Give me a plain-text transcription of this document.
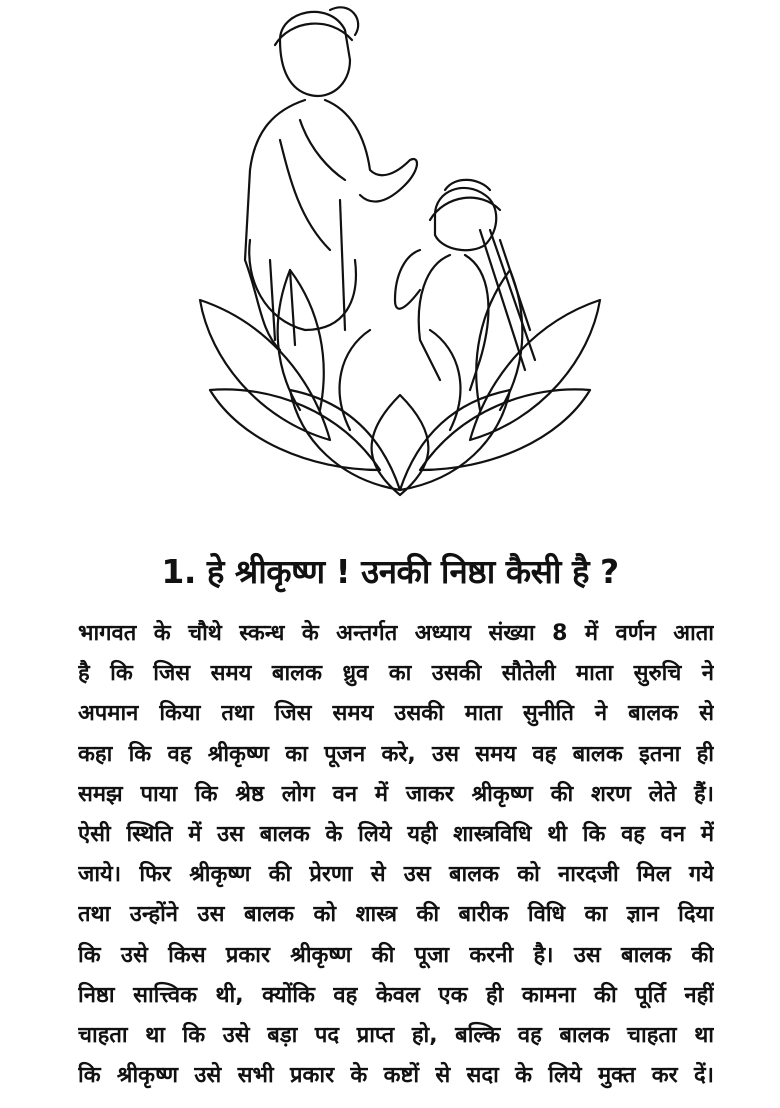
1. हे श्रीकृष्ण ! उनकी निष्ठा कैसी है ?
भागवत के चौथे स्कन्ध के अन्तर्गत अध्याय संख्या 8 में वर्णन आता
है कि जिस समय बालक ध्रुव का उसकी सौतेली माता सुरुचि ने
अपमान किया तथा जिस समय उसकी माता सुनीति ने बालक से
कहा कि वह श्रीकृष्ण का पूजन करे, उस समय वह बालक इतना ही
समझ पाया कि श्रेष्ठ लोग वन में जाकर श्रीकृष्ण की शरण लेते हैं।
ऐसी स्थिति में उस बालक के लिये यही शास्त्रविधि थी कि वह वन में
जाये। फिर श्रीकृष्ण की प्रेरणा से उस बालक को नारदजी मिल गये
तथा उन्होंने उस बालक को शास्त्र की बारीक विधि का ज्ञान दिया
कि उसे किस प्रकार श्रीकृष्ण की पूजा करनी है। उस बालक की
निष्ठा सात्त्विक थी, क्योंकि वह केवल एक ही कामना की पूर्ति नहीं
चाहता था कि उसे बड़ा पद प्राप्त हो, बल्कि वह बालक चाहता था
कि श्रीकृष्ण उसे सभी प्रकार के कष्टों से सदा के लिये मुक्त कर दें।
